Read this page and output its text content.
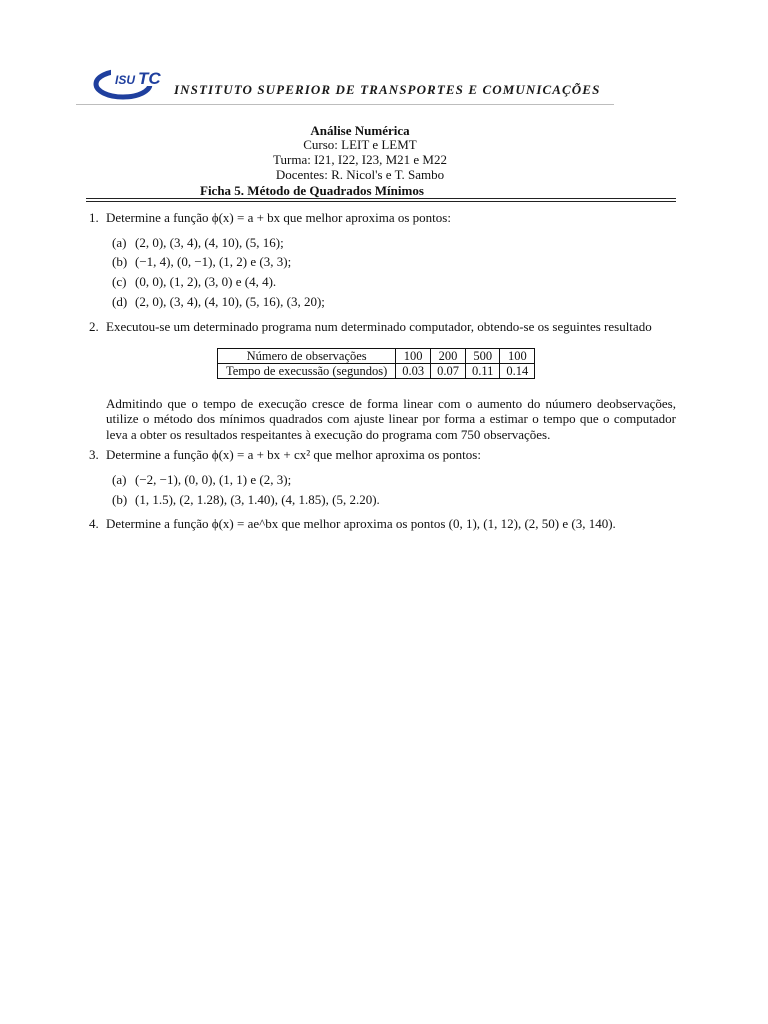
ISU TC
INSTITUTO SUPERIOR DE TRANSPORTES E COMUNICAÇÕES
Análise Numérica
Curso: LEIT e LEMT
Turma: I21, I22, I23, M21 e M22
Docentes: R. Nicol's e T. Sambo
Ficha 5. Método de Quadrados Mínimos
1. Determine a função ϕ(x) = a + bx que melhor aproxima os pontos:
(a) (2, 0), (3, 4), (4, 10), (5, 16);
(b) (−1, 4), (0, −1), (1, 2) e (3, 3);
(c) (0, 0), (1, 2), (3, 0) e (4, 4).
(d) (2, 0), (3, 4), (4, 10), (5, 16), (3, 20);
2. Executou-se um determinado programa num determinado computador, obtendo-se os seguintes resultado
Número de observações	100	200	500	100
Tempo de execussão (segundos)	0.03	0.07	0.11	0.14
Admitindo que o tempo de execução cresce de forma linear com o aumento do núumero deobservações, utilize o método dos mínimos quadrados com ajuste linear por forma a estimar o tempo que o computador leva a obter os resultados respeitantes à execução do programa com 750 observações.
3. Determine a função ϕ(x) = a + bx + cx² que melhor aproxima os pontos:
(a) (−2, −1), (0, 0), (1, 1) e (2, 3);
(b) (1, 1.5), (2, 1.28), (3, 1.40), (4, 1.85), (5, 2.20).
4. Determine a função ϕ(x) = ae^bx que melhor aproxima os pontos (0, 1), (1, 12), (2, 50) e (3, 140).
